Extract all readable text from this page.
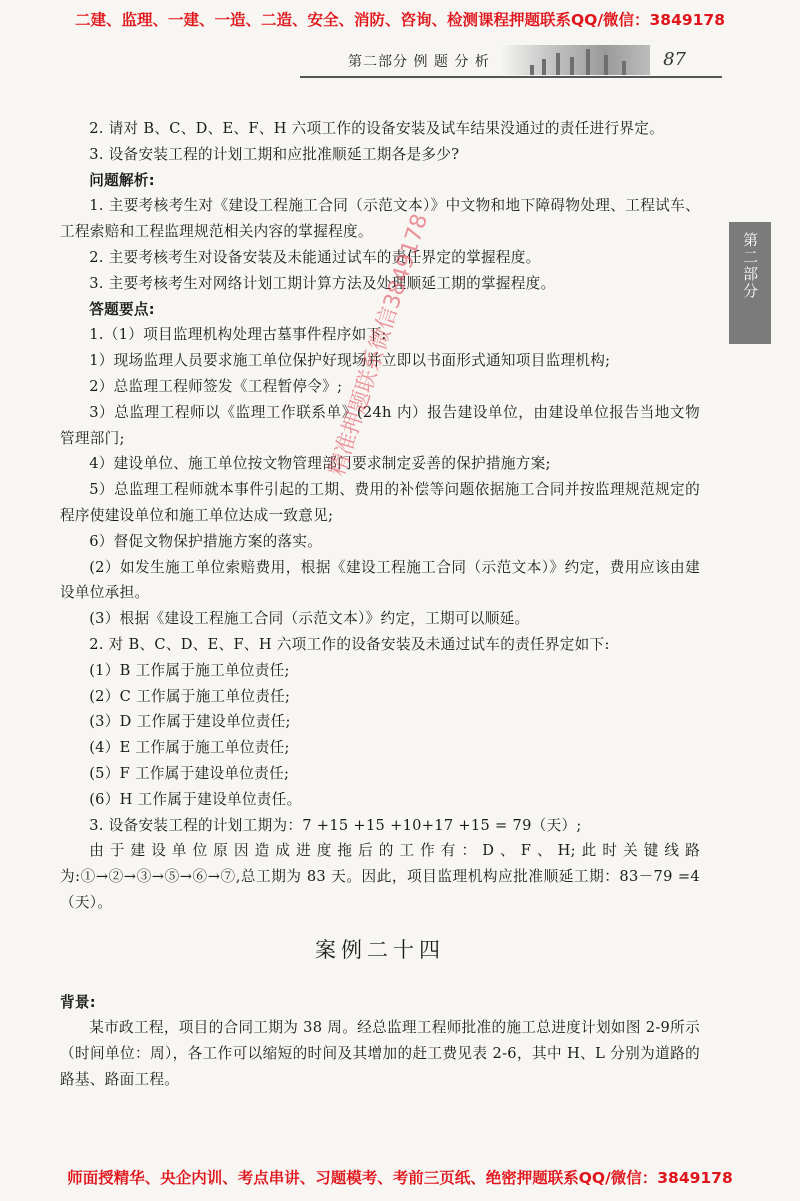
二建、监理、一建、一造、二造、安全、消防、咨询、检测课程押题联系QQ/微信：3849178
第二部分 例 题 分 析	87
第二部分

2. 请对 B、C、D、E、F、H 六项工作的设备安装及试车结果没通过的责任进行界定。

3. 设备安装工程的计划工期和应批准顺延工期各是多少?

问题解析:

1. 主要考核考生对《建设工程施工合同（示范文本）》中文物和地下障碍物处理、工程试车、工程索赔和工程监理规范相关内容的掌握程度。

2. 主要考核考生对设备安装及未能通过试车的责任界定的掌握程度。

3. 主要考核考生对网络计划工期计算方法及处理顺延工期的掌握程度。

答题要点:

1.（1）项目监理机构处理古墓事件程序如下:

1）现场监理人员要求施工单位保护好现场并立即以书面形式通知项目监理机构;

2）总监理工程师签发《工程暂停令》;

3）总监理工程师以《监理工作联系单》(24h 内）报告建设单位，由建设单位报告当地文物管理部门;

4）建设单位、施工单位按文物管理部门要求制定妥善的保护措施方案;

5）总监理工程师就本事件引起的工期、费用的补偿等问题依据施工合同并按监理规范规定的程序使建设单位和施工单位达成一致意见;

6）督促文物保护措施方案的落实。

(2）如发生施工单位索赔费用，根据《建设工程施工合同（示范文本）》约定，费用应该由建设单位承担。

(3）根据《建设工程施工合同（示范文本）》约定，工期可以顺延。

2. 对 B、C、D、E、F、H 六项工作的设备安装及未通过试车的责任界定如下:

(1）B 工作属于施工单位责任;

(2）C 工作属于施工单位责任;

(3）D 工作属于建设单位责任;

(4）E 工作属于施工单位责任;

(5）F 工作属于建设单位责任;

(6）H 工作属于建设单位责任。

3. 设备安装工程的计划工期为：7 +15 +15 +10+17 +15 = 79（天）;

由于建设单位原因造成进度拖后的工作有：D、F、H;此时关键线路为:①→②→③→⑤→⑥→⑦,总工期为 83 天。因此，项目监理机构应批准顺延工期：83－79 =4（天）。

案例二十四

背景:

某市政工程，项目的合同工期为 38 周。经总监理工程师批准的施工总进度计划如图 2-9所示（时间单位：周），各工作可以缩短的时间及其增加的赶工费见表 2-6，其中 H、L 分别为道路的路基、路面工程。

精准押题联系微信3849178
师面授精华、央企内训、考点串讲、习题模考、考前三页纸、绝密押题联系QQ/微信：3849178
